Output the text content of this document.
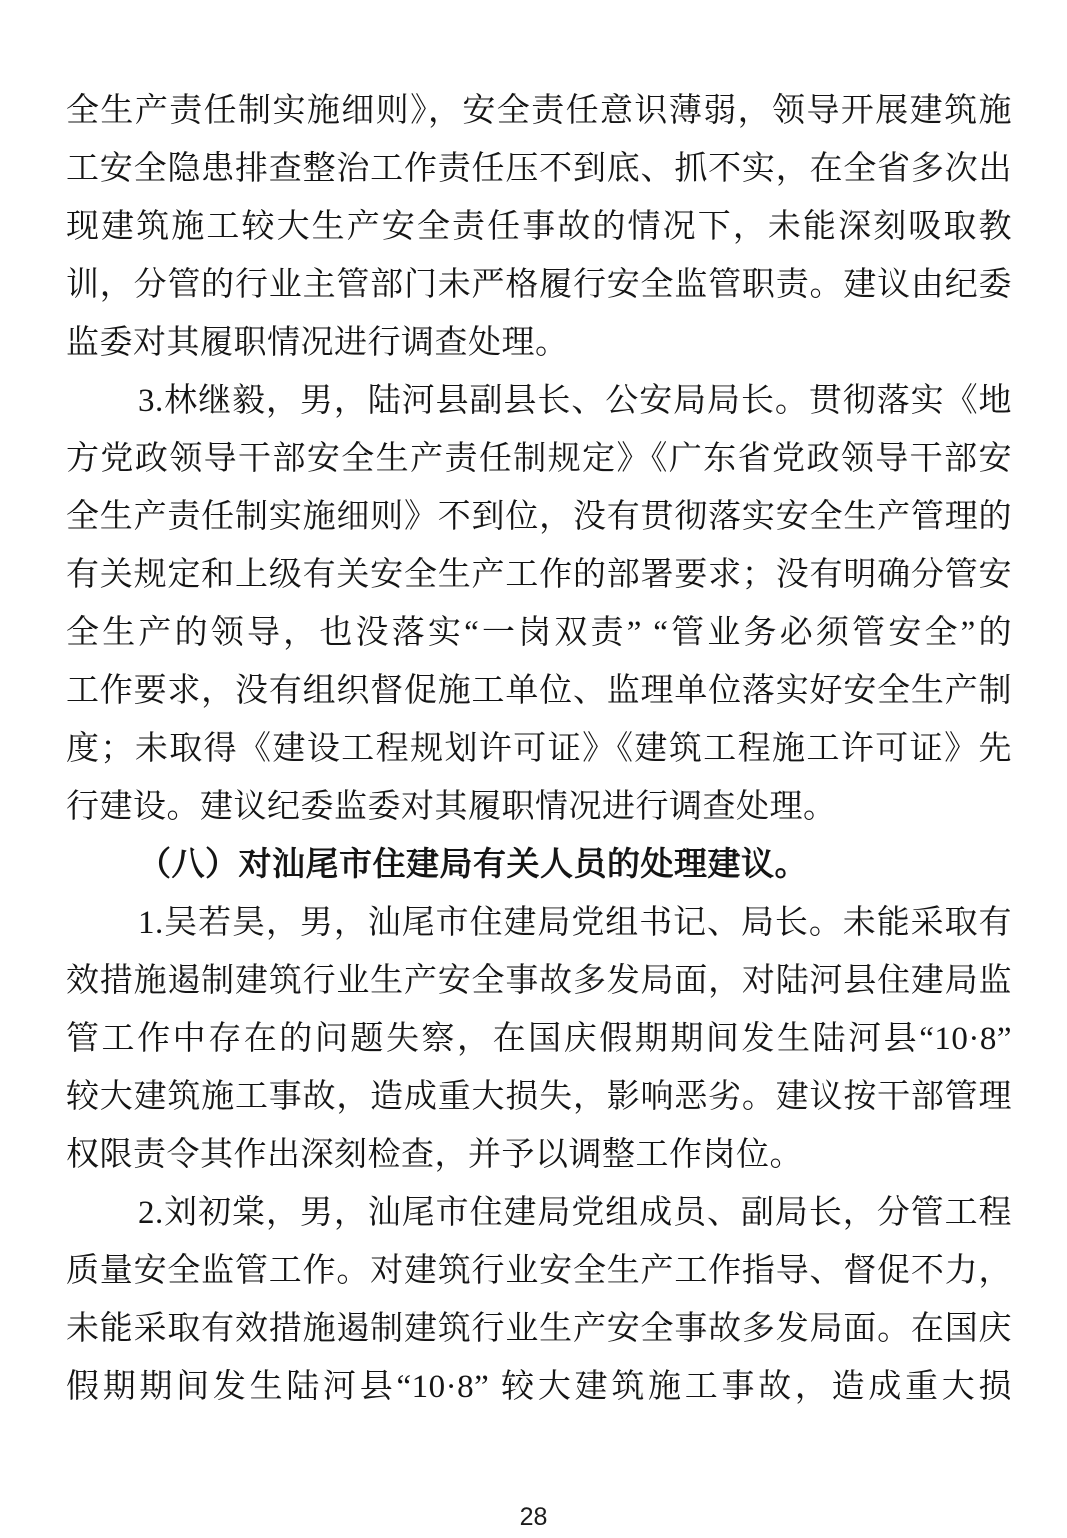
全生产责任制实施细则》，安全责任意识薄弱，领导开展建筑施
工安全隐患排查整治工作责任压不到底、抓不实，在全省多次出
现建筑施工较大生产安全责任事故的情况下，未能深刻吸取教
训，分管的行业主管部门未严格履行安全监管职责。建议由纪委
监委对其履职情况进行调查处理。
3.林继毅，男，陆河县副县长、公安局局长。贯彻落实《地
方党政领导干部安全生产责任制规定》《广东省党政领导干部安
全生产责任制实施细则》不到位，没有贯彻落实安全生产管理的
有关规定和上级有关安全生产工作的部署要求；没有明确分管安
全生产的领导，也没落实“一岗双责” “管业务必须管安全”的
工作要求，没有组织督促施工单位、监理单位落实好安全生产制
度；未取得《建设工程规划许可证》《建筑工程施工许可证》先
行建设。建议纪委监委对其履职情况进行调查处理。
（八）对汕尾市住建局有关人员的处理建议。
1.吴若昊，男，汕尾市住建局党组书记、局长。未能采取有
效措施遏制建筑行业生产安全事故多发局面，对陆河县住建局监
管工作中存在的问题失察，在国庆假期期间发生陆河县“10·8”
较大建筑施工事故，造成重大损失，影响恶劣。建议按干部管理
权限责令其作出深刻检查，并予以调整工作岗位。
2.刘初棠，男，汕尾市住建局党组成员、副局长，分管工程
质量安全监管工作。对建筑行业安全生产工作指导、督促不力，
未能采取有效措施遏制建筑行业生产安全事故多发局面。在国庆
假期期间发生陆河县“10·8” 较大建筑施工事故，造成重大损
28
